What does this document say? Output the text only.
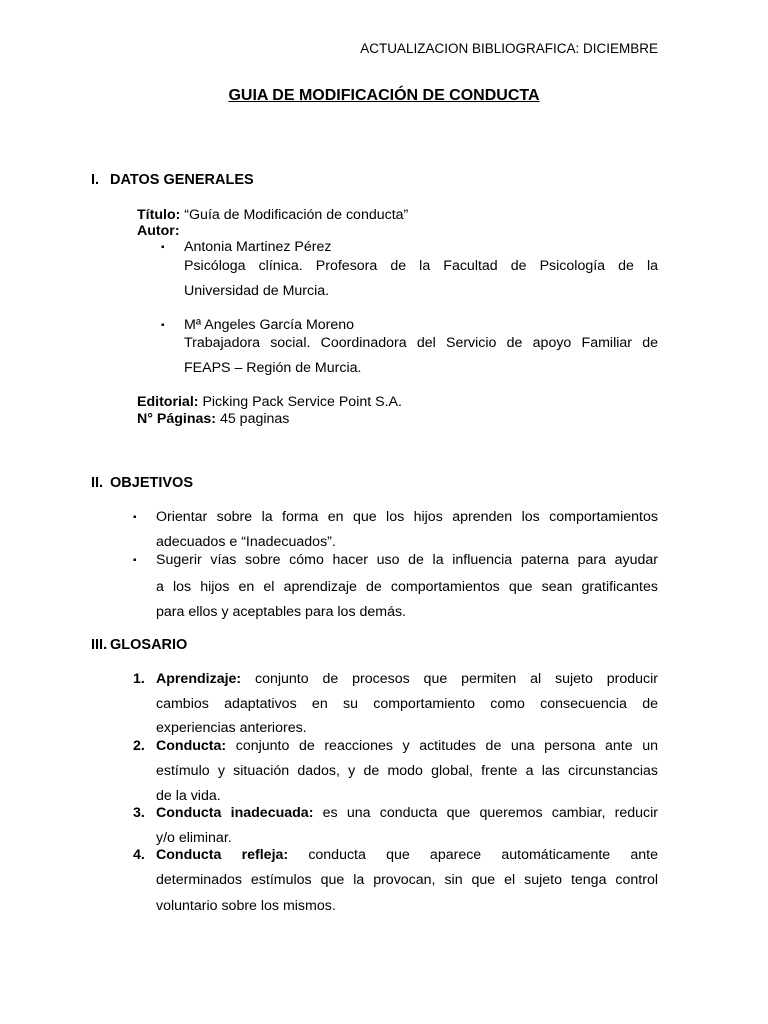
ACTUALIZACION BIBLIOGRAFICA: DICIEMBRE
GUIA DE MODIFICACIÓN DE CONDUCTA
I. DATOS GENERALES
Título: “Guía de Modificación de conducta”
Autor:
▪ Antonia Martinez Pérez
Psicóloga clínica. Profesora de la Facultad de Psicología de la
Universidad de Murcia.
▪ Mª Angeles García Moreno
Trabajadora social. Coordinadora del Servicio de apoyo Familiar de
FEAPS – Región de Murcia.
Editorial: Picking Pack Service Point S.A.
N° Páginas: 45 paginas
II. OBJETIVOS
▪ Orientar sobre la forma en que los hijos aprenden los comportamientos
adecuados e “Inadecuados”.
▪ Sugerir vías sobre cómo hacer uso de la influencia paterna para ayudar
a los hijos en el aprendizaje de comportamientos que sean gratificantes
para ellos y aceptables para los demás.
III. GLOSARIO
1. Aprendizaje: conjunto de procesos que permiten al sujeto producir
cambios adaptativos en su comportamiento como consecuencia de
experiencias anteriores.
2. Conducta: conjunto de reacciones y actitudes de una persona ante un
estímulo y situación dados, y de modo global, frente a las circunstancias
de la vida.
3. Conducta inadecuada: es una conducta que queremos cambiar, reducir
y/o eliminar.
4. Conducta refleja: conducta que aparece automáticamente ante
determinados estímulos que la provocan, sin que el sujeto tenga control
voluntario sobre los mismos.
